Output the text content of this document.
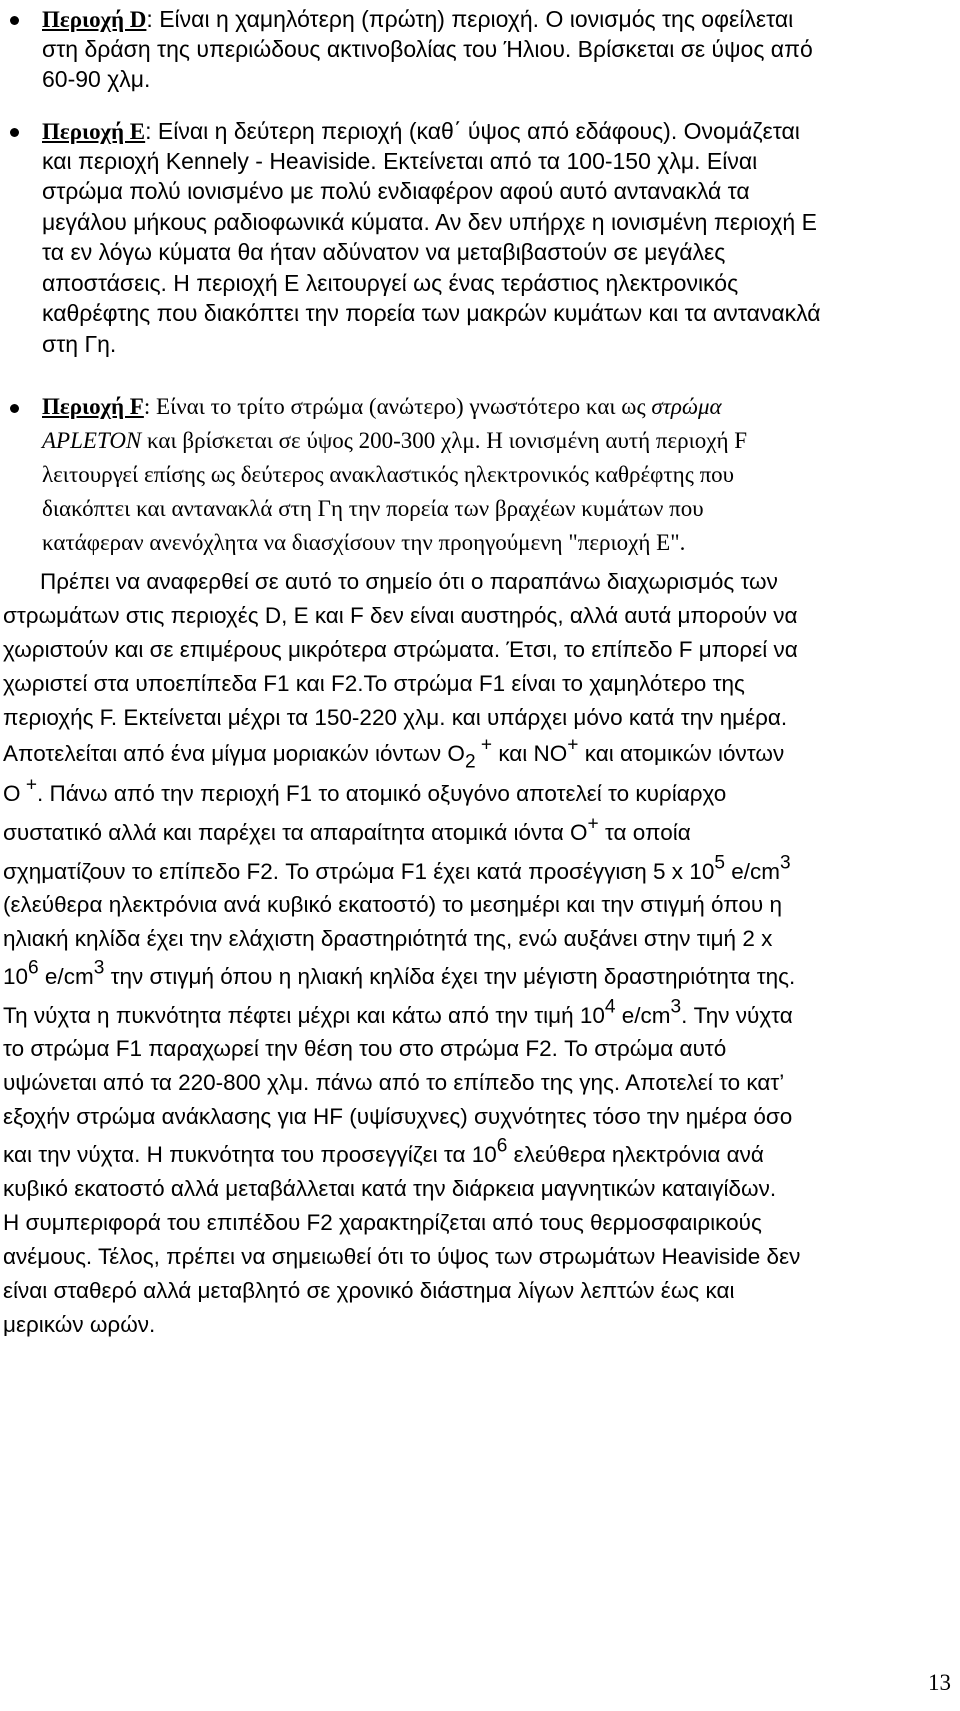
Περιοχή D: Είναι η χαμηλότερη (πρώτη) περιοχή. Ο ιονισμός της οφείλεται
στη δράση της υπεριώδους ακτινοβολίας του Ήλιου. Βρίσκεται σε ύψος από
60-90 χλμ.
Περιοχή Ε: Είναι η δεύτερη περιοχή (καθ΄ ύψος από εδάφους). Ονομάζεται
και περιοχή Kennely - Heaviside. Εκτείνεται από τα 100-150 χλμ. Είναι
στρώμα πολύ ιονισμένο με πολύ ενδιαφέρον αφού αυτό αντανακλά τα
μεγάλου μήκους ραδιοφωνικά κύματα. Αν δεν υπήρχε η ιονισμένη περιοχή Ε
τα εν λόγω κύματα θα ήταν αδύνατον να μεταβιβαστούν σε μεγάλες
αποστάσεις. Η περιοχή Ε λειτουργεί ως ένας τεράστιος ηλεκτρονικός
καθρέφτης που διακόπτει την πορεία των μακρών κυμάτων και τα αντανακλά
στη Γη.
Περιοχή F: Είναι το τρίτο στρώμα (ανώτερο) γνωστότερο και ως στρώμα
APLETON και βρίσκεται σε ύψος 200-300 χλμ. Η ιονισμένη αυτή περιοχή F
λειτουργεί επίσης ως δεύτερος ανακλαστικός ηλεκτρονικός καθρέφτης που
διακόπτει και αντανακλά στη Γη την πορεία των βραχέων κυμάτων που
κατάφεραν ανενόχλητα να διασχίσουν την προηγούμενη "περιοχή Ε".
Πρέπει να αναφερθεί σε αυτό το σημείο ότι ο παραπάνω διαχωρισμός των
στρωμάτων στις περιοχές D, E και F δεν είναι αυστηρός, αλλά αυτά μπορούν να
χωριστούν και σε επιμέρους μικρότερα στρώματα. Έτσι, το επίπεδο F μπορεί να
χωριστεί στα υποεπίπεδα F1 και F2.Το στρώμα F1 είναι το χαμηλότερο της
περιοχής F. Εκτείνεται μέχρι τα 150-220 χλμ. και υπάρχει μόνο κατά την ημέρα.
Αποτελείται από ένα μίγμα μοριακών ιόντων $O_2$ + και NO+ και ατομικών ιόντων
O +. Πάνω από την περιοχή F1 το ατομικό οξυγόνο αποτελεί το κυρίαρχο
συστατικό αλλά και παρέχει τα απαραίτητα ατομικά ιόντα O+ τα οποία
σχηματίζουν το επίπεδο F2. Το στρώμα F1 έχει κατά προσέγγιση 5 x $10^5$ $e/cm^3$
(ελεύθερα ηλεκτρόνια ανά κυβικό εκατοστό) το μεσημέρι και την στιγμή όπου η
ηλιακή κηλίδα έχει την ελάχιστη δραστηριότητά της, ενώ αυξάνει στην τιμή 2 x
$10^6$ $e/cm^3$ την στιγμή όπου η ηλιακή κηλίδα έχει την μέγιστη δραστηριότητα της.
Τη νύχτα η πυκνότητα πέφτει μέχρι και κάτω από την τιμή $10^4$ $e/cm^3$. Την νύχτα
το στρώμα F1 παραχωρεί την θέση του στο στρώμα F2. Το στρώμα αυτό
υψώνεται από τα 220-800 χλμ. πάνω από το επίπεδο της γης. Αποτελεί το κατ’
εξοχήν στρώμα ανάκλασης για HF (υψίσυχνες) συχνότητες τόσο την ημέρα όσο
και την νύχτα. Η πυκνότητα του προσεγγίζει τα $10^6$ ελεύθερα ηλεκτρόνια ανά
κυβικό εκατοστό αλλά μεταβάλλεται κατά την διάρκεια μαγνητικών καταιγίδων.
Η συμπεριφορά του επιπέδου F2 χαρακτηρίζεται από τους θερμοσφαιρικούς
ανέμους. Τέλος, πρέπει να σημειωθεί ότι το ύψος των στρωμάτων Heaviside δεν
είναι σταθερό αλλά μεταβλητό σε χρονικό διάστημα λίγων λεπτών έως και
μερικών ωρών.
13
